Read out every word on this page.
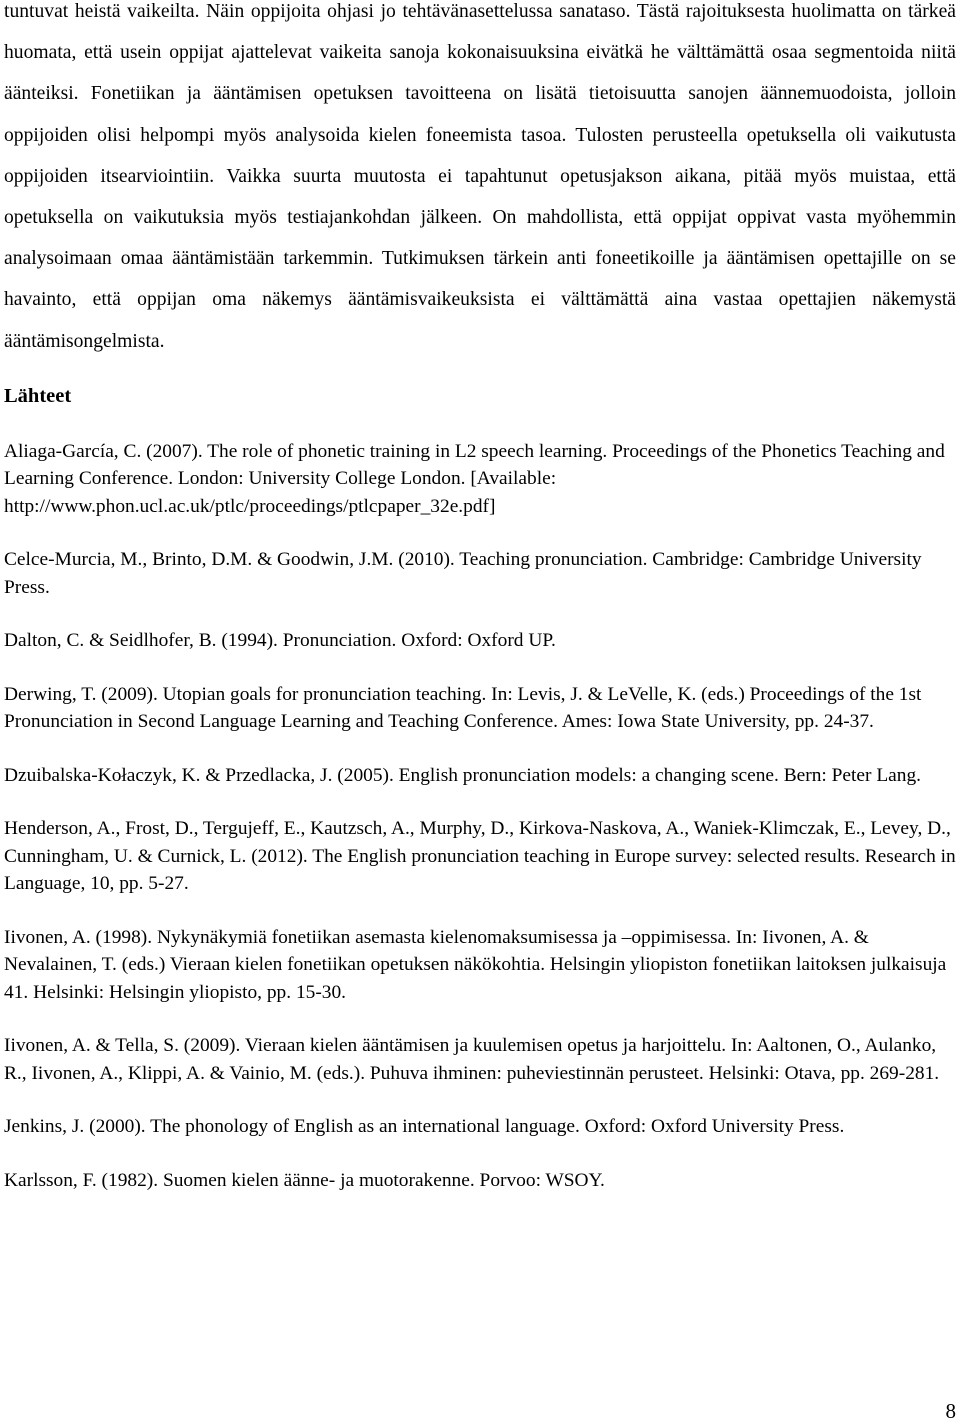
tuntuvat heistä vaikeilta. Näin oppijoita ohjasi jo tehtävänasettelussa sanataso. Tästä rajoituksesta huolimatta on tärkeä huomata, että usein oppijat ajattelevat vaikeita sanoja kokonaisuuksina eivätkä he välttämättä osaa segmentoida niitä äänteiksi. Fonetiikan ja ääntämisen opetuksen tavoitteena on lisätä tietoisuutta sanojen äännemuodoista, jolloin oppijoiden olisi helpompi myös analysoida kielen foneemista tasoa. Tulosten perusteella opetuksella oli vaikutusta oppijoiden itsearviointiin. Vaikka suurta muutosta ei tapahtunut opetusjakson aikana, pitää myös muistaa, että opetuksella on vaikutuksia myös testiajankohdan jälkeen. On mahdollista, että oppijat oppivat vasta myöhemmin analysoimaan omaa ääntämistään tarkemmin. Tutkimuksen tärkein anti foneetikoille ja ääntämisen opettajille on se havainto, että oppijan oma näkemys ääntämisvaikeuksista ei välttämättä aina vastaa opettajien näkemystä ääntämisongelmista.

Lähteet

Aliaga-García, C. (2007). The role of phonetic training in L2 speech learning. Proceedings of the Phonetics Teaching and Learning Conference. London: University College London. [Available: http://www.phon.ucl.ac.uk/ptlc/proceedings/ptlcpaper_32e.pdf]

Celce-Murcia, M., Brinto, D.M. & Goodwin, J.M. (2010). Teaching pronunciation. Cambridge: Cambridge University Press.

Dalton, C. & Seidlhofer, B. (1994). Pronunciation. Oxford: Oxford UP.

Derwing, T. (2009). Utopian goals for pronunciation teaching. In: Levis, J. & LeVelle, K. (eds.) Proceedings of the 1st Pronunciation in Second Language Learning and Teaching Conference. Ames: Iowa State University, pp. 24-37.

Dzuibalska-Kołaczyk, K. & Przedlacka, J. (2005). English pronunciation models: a changing scene. Bern: Peter Lang.

Henderson, A., Frost, D., Tergujeff, E., Kautzsch, A., Murphy, D., Kirkova-Naskova, A., Waniek-Klimczak, E., Levey, D., Cunningham, U. & Curnick, L. (2012). The English pronunciation teaching in Europe survey: selected results. Research in Language, 10, pp. 5-27.

Iivonen, A. (1998). Nykynäkymiä fonetiikan asemasta kielenomaksumisessa ja –oppimisessa. In: Iivonen, A. & Nevalainen, T. (eds.) Vieraan kielen fonetiikan opetuksen näkökohtia. Helsingin yliopiston fonetiikan laitoksen julkaisuja 41. Helsinki: Helsingin yliopisto, pp. 15-30.

Iivonen, A. & Tella, S. (2009). Vieraan kielen ääntämisen ja kuulemisen opetus ja harjoittelu. In: Aaltonen, O., Aulanko, R., Iivonen, A., Klippi, A. & Vainio, M. (eds.). Puhuva ihminen: puheviestinnän perusteet. Helsinki: Otava, pp. 269-281.

Jenkins, J. (2000). The phonology of English as an international language. Oxford: Oxford University Press.

Karlsson, F. (1982). Suomen kielen äänne- ja muotorakenne. Porvoo: WSOY.

8
